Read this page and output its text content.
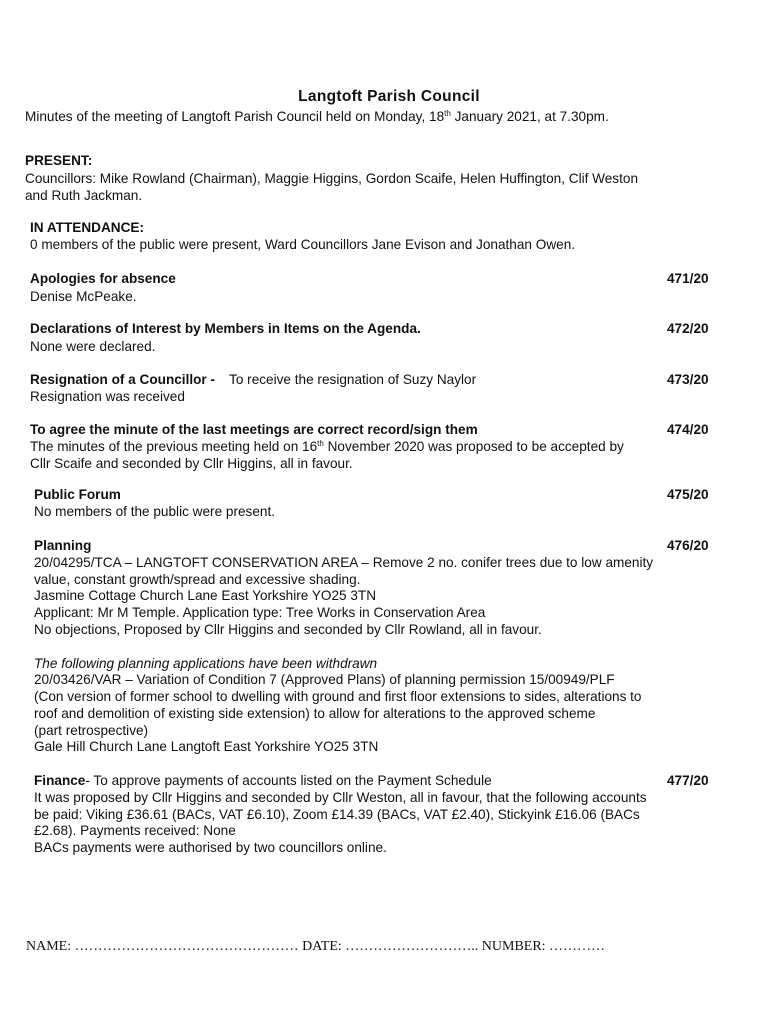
Langtoft Parish Council
Minutes of the meeting of Langtoft Parish Council held on Monday, 18th January 2021, at 7.30pm.
PRESENT:
Councillors: Mike Rowland (Chairman), Maggie Higgins, Gordon Scaife, Helen Huffington, Clif Weston
and Ruth Jackman.
IN ATTENDANCE:
0 members of the public were present, Ward Councillors Jane Evison and Jonathan Owen.
Apologies for absence	471/20
Denise McPeake.
Declarations of Interest by Members in Items on the Agenda.	472/20
None were declared.
Resignation of a Councillor - To receive the resignation of Suzy Naylor	473/20
Resignation was received
To agree the minute of the last meetings are correct record/sign them	474/20
The minutes of the previous meeting held on 16th November 2020 was proposed to be accepted by
Cllr Scaife and seconded by Cllr Higgins, all in favour.
Public Forum	475/20
No members of the public were present.
Planning	476/20
20/04295/TCA – LANGTOFT CONSERVATION AREA – Remove 2 no. conifer trees due to low amenity
value, constant growth/spread and excessive shading.
Jasmine Cottage Church Lane East Yorkshire YO25 3TN
Applicant: Mr M Temple. Application type: Tree Works in Conservation Area
No objections, Proposed by Cllr Higgins and seconded by Cllr Rowland, all in favour.
The following planning applications have been withdrawn
20/03426/VAR – Variation of Condition 7 (Approved Plans) of planning permission 15/00949/PLF
(Con version of former school to dwelling with ground and first floor extensions to sides, alterations to
roof and demolition of existing side extension) to allow for alterations to the approved scheme
(part retrospective)
Gale Hill Church Lane Langtoft East Yorkshire YO25 3TN
Finance- To approve payments of accounts listed on the Payment Schedule	477/20
It was proposed by Cllr Higgins and seconded by Cllr Weston, all in favour, that the following accounts
be paid: Viking £36.61 (BACs, VAT £6.10), Zoom £14.39 (BACs, VAT £2.40), Stickyink £16.06 (BACs
£2.68). Payments received: None
BACs payments were authorised by two councillors online.
NAME: ………………………………………… DATE: ……………………….. NUMBER: …………
